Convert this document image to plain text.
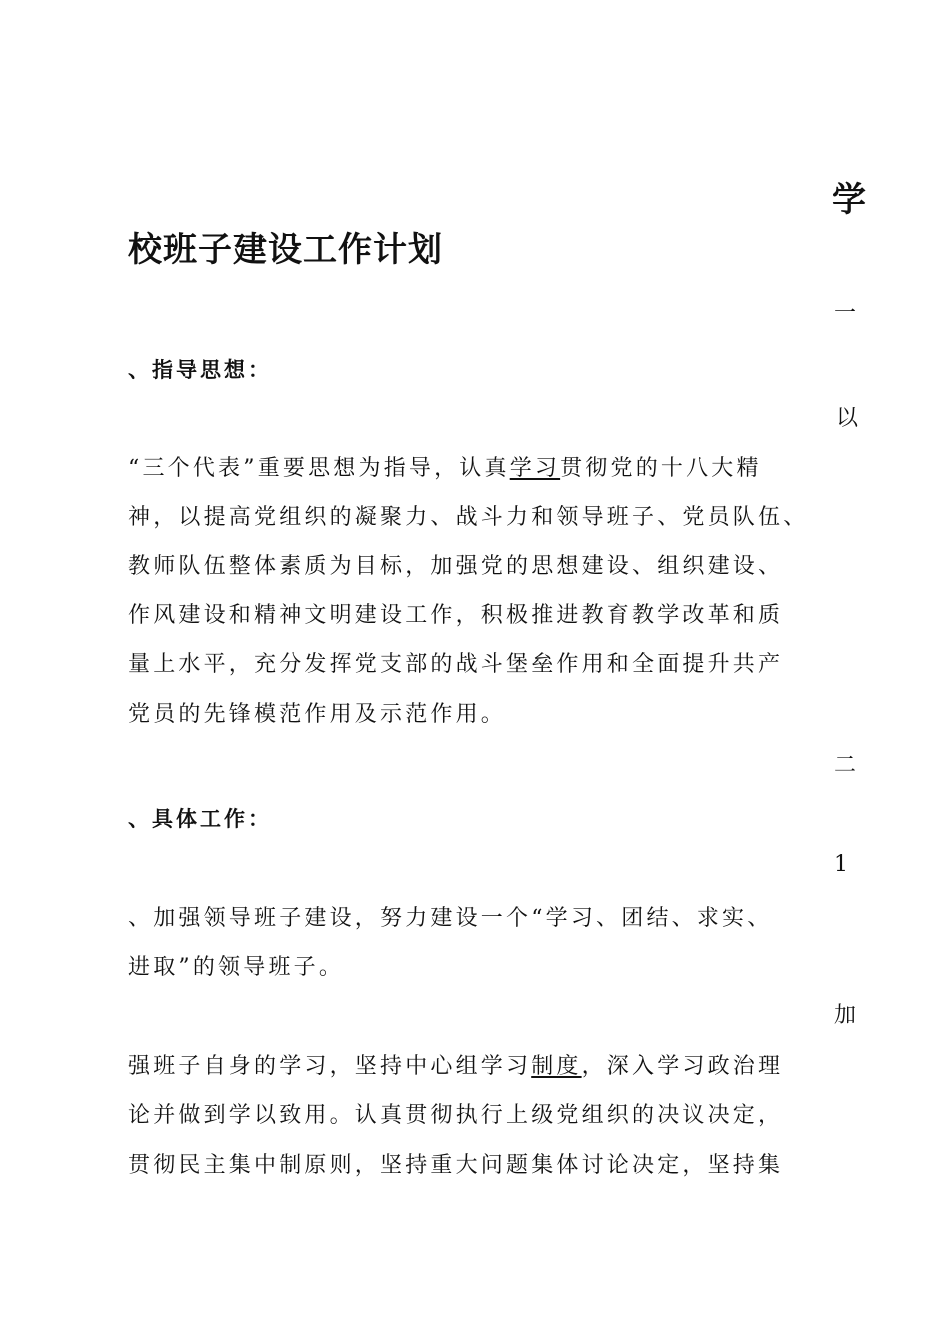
学
校班子建设工作计划
一
、指导思想：
以
“三个代表”重要思想为指导，认真学习贯彻党的十八大精
神，以提高党组织的凝聚力、战斗力和领导班子、党员队伍、
教师队伍整体素质为目标，加强党的思想建设、组织建设、
作风建设和精神文明建设工作，积极推进教育教学改革和质
量上水平，充分发挥党支部的战斗堡垒作用和全面提升共产
党员的先锋模范作用及示范作用。
二
、具体工作：
1
、加强领导班子建设，努力建设一个“学习、团结、求实、
进取”的领导班子。
加
强班子自身的学习，坚持中心组学习制度，深入学习政治理
论并做到学以致用。认真贯彻执行上级党组织的决议决定，
贯彻民主集中制原则，坚持重大问题集体讨论决定，坚持集
